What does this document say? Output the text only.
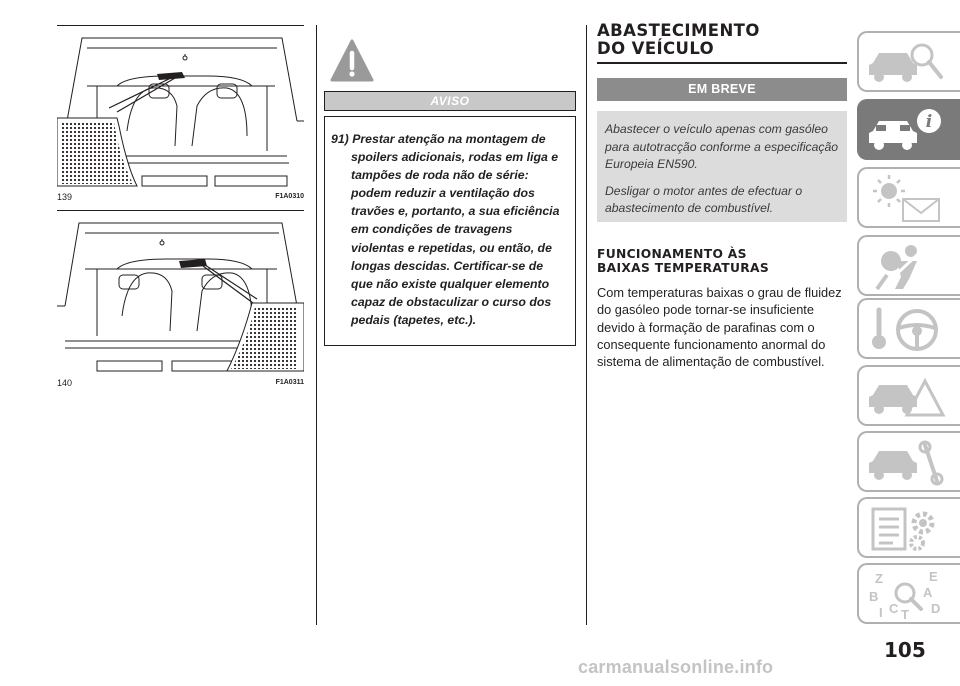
139	F1A0310
140	F1A0311
AVISO

91) Prestar atenção na montagem de spoilers adicionais, rodas em liga e tampões de roda não de série: podem reduzir a ventilação dos travões e, portanto, a sua eficiência em condições de travagens violentas e repetidas, ou então, de longas descidas. Certificar-se de que não existe qualquer elemento capaz de obstaculizar o curso dos pedais (tapetes, etc.).

ABASTECIMENTO
DO VEÍCULO
EM BREVE

Abastecer o veículo apenas com gasóleo para autotracção conforme a especificação Europeia EN590.

Desligar o motor antes de efectuar o abastecimento de combustível.

FUNCIONAMENTO ÀS
BAIXAS TEMPERATURAS
Com temperaturas baixas o grau de fluidez do gasóleo pode tornar-se insuficiente devido à formação de parafinas com o consequente funcionamento anormal do sistema de alimentação de combustível.
i
Z	E
A
B
C T D
I
105
carmanualsonline.info
